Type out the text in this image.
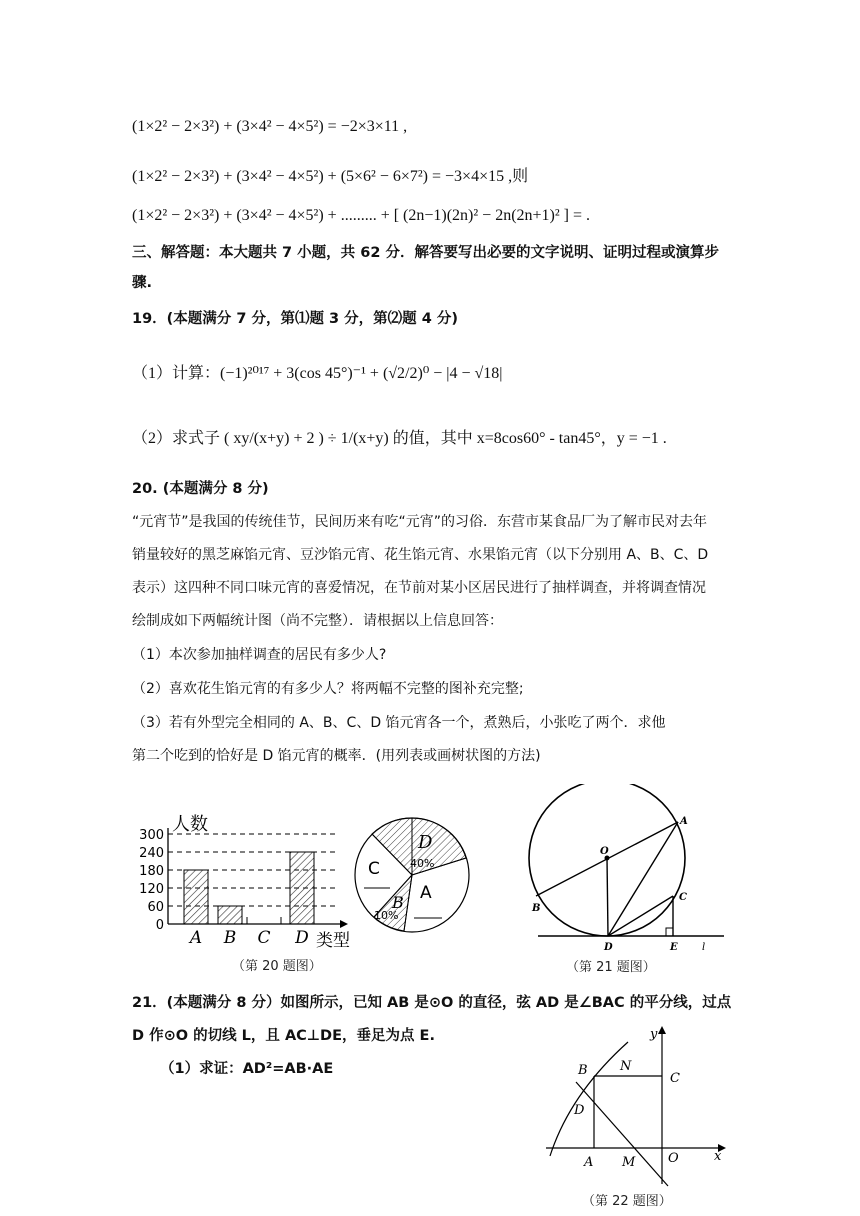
(1×2² − 2×3²) + (3×4² − 4×5²) = −2×3×11 ,
(1×2² − 2×3²) + (3×4² − 4×5²) + (5×6² − 6×7²) = −3×4×15 ,则
(1×2² − 2×3²) + (3×4² − 4×5²) + ......... + [ (2n−1)(2n)² − 2n(2n+1)² ] = .
三、解答题：本大题共 7 小题，共 62 分．解答要写出必要的文字说明、证明过程或演算步
骤.
19．(本题满分 7 分，第⑴题 3 分，第⑵题 4 分)
（1）计算：(−1)²⁰¹⁷ + 3(cos 45°)⁻¹ + (√2/2)⁰ − |4 − √18|
（2）求式子 ( xy/(x+y) + 2 ) ÷ 1/(x+y) 的值，其中 x=8cos60° - tan45°，y = −1 .
20. (本题满分 8 分)
“元宵节”是我国的传统佳节，民间历来有吃“元宵”的习俗．东营市某食品厂为了解市民对去年
销量较好的黑芝麻馅元宵、豆沙馅元宵、花生馅元宵、水果馅元宵（以下分别用 A、B、C、D
表示）这四种不同口味元宵的喜爱情况，在节前对某小区居民进行了抽样调查，并将调查情况
绘制成如下两幅统计图（尚不完整）．请根据以上信息回答：
（1）本次参加抽样调查的居民有多少人?
（2）喜欢花生馅元宵的有多少人？将两幅不完整的图补充完整;
（3）若有外型完全相同的 A、B、C、D 馅元宵各一个，煮熟后，小张吃了两个．求他
第二个吃到的恰好是 D 馅元宵的概率．(用列表或画树状图的方法)
人数
0
60
120
180
240
300
A B C D 类型
D
40%
C
B
10%
A
（第 20 题图）
O
A
B
C
D	E l
（第 21 题图）
21．(本题满分 8 分）如图所示，已知 AB 是⊙O 的直径，弦 AD 是∠BAC 的平分线，过点
D 作⊙O 的切线 L，且 AC⊥DE，垂足为点 E.
（1）求证：AD²=AB·AE
y
x
B N
C
D
A M	O
（第 22 题图）
